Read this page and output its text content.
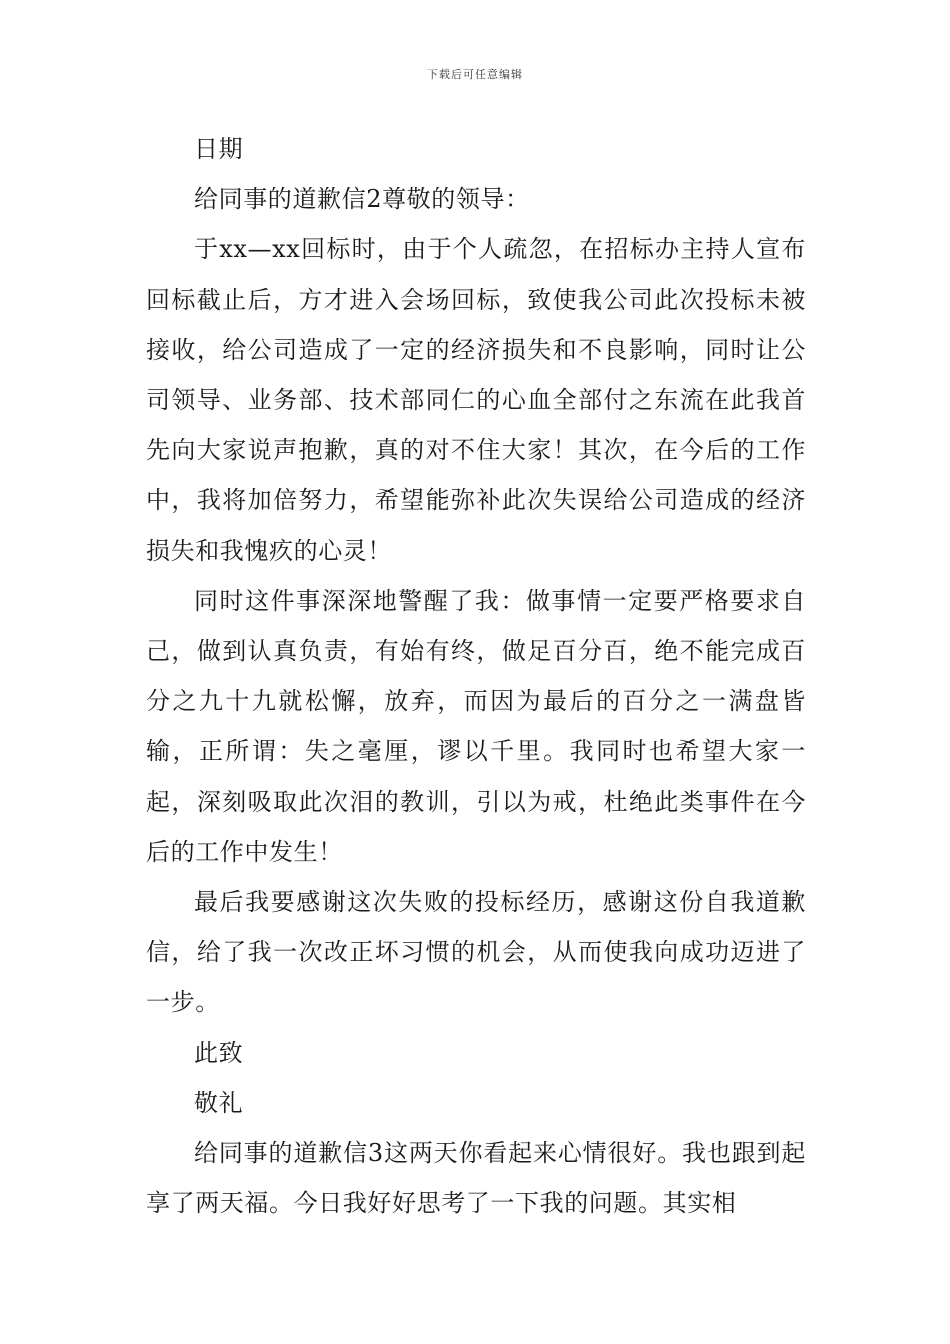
下载后可任意编辑

日期

给同事的道歉信2尊敬的领导：

于xx—xx回标时，由于个人疏忽，在招标办主持人宣布回标截止后，方才进入会场回标，致使我公司此次投标未被接收，给公司造成了一定的经济损失和不良影响，同时让公司领导、业务部、技术部同仁的心血全部付之东流在此我首先向大家说声抱歉，真的对不住大家！其次，在今后的工作中，我将加倍努力，希望能弥补此次失误给公司造成的经济损失和我愧疚的心灵！

同时这件事深深地警醒了我：做事情一定要严格要求自己，做到认真负责，有始有终，做足百分百，绝不能完成百分之九十九就松懈，放弃，而因为最后的百分之一满盘皆输，正所谓：失之毫厘，谬以千里。我同时也希望大家一起，深刻吸取此次泪的教训，引以为戒，杜绝此类事件在今后的工作中发生！

最后我要感谢这次失败的投标经历，感谢这份自我道歉信，给了我一次改正坏习惯的机会，从而使我向成功迈进了一步。

此致

敬礼

给同事的道歉信3这两天你看起来心情很好。我也跟到起享了两天福。今日我好好思考了一下我的问题。其实相
